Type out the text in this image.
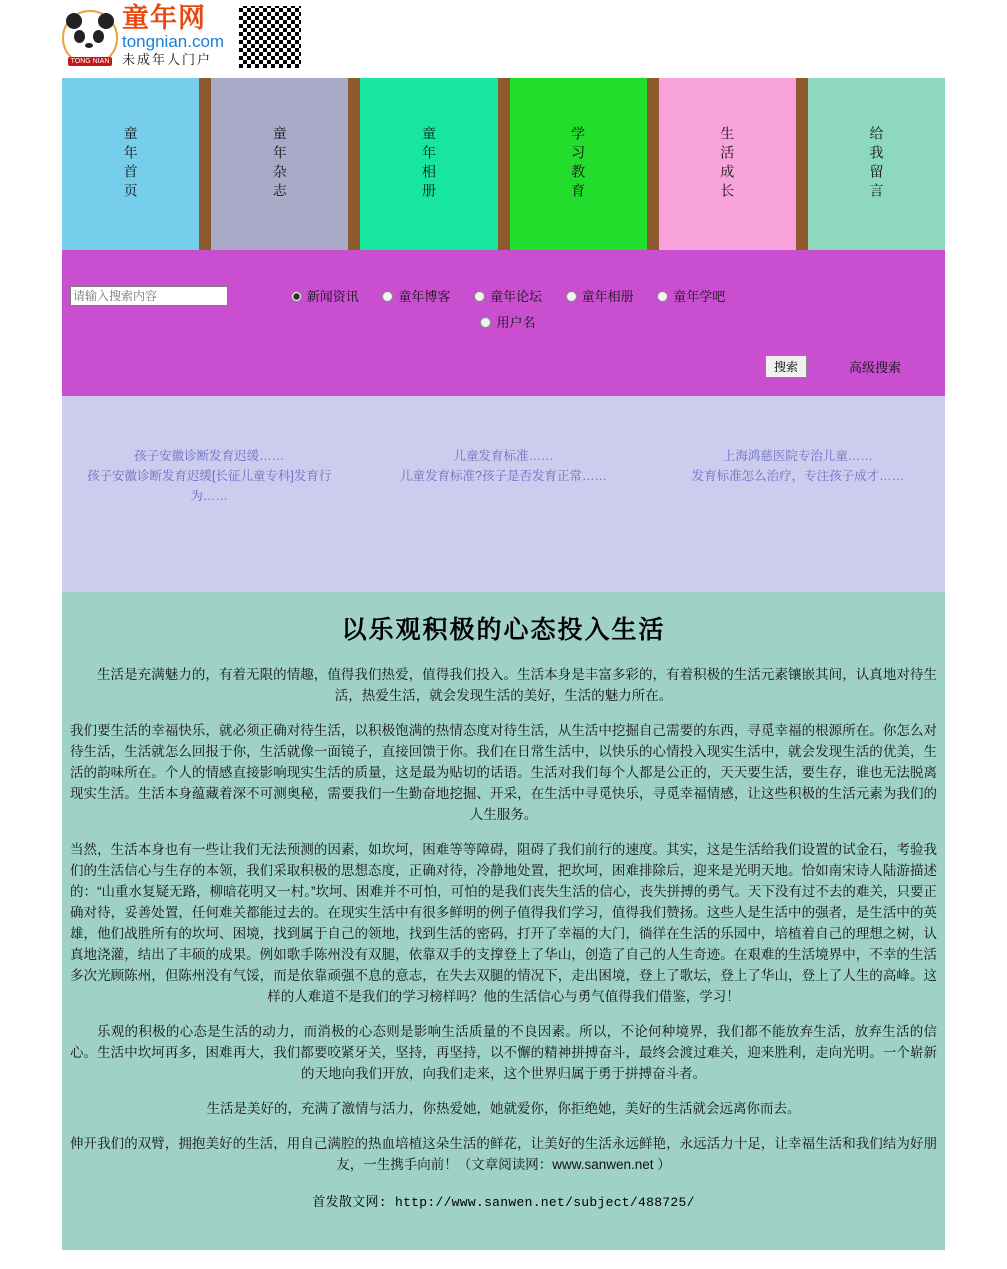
TONG NIAN
童年网
tongnian.com
未成年人门户
童年首页	童年杂志	童年相册	学习教育	生活成长	给我留言
请输入搜索内容
新闻资讯	童年博客	童年论坛	童年相册	童年学吧 用户名
搜索	高级搜索
孩子安徽诊断发育迟缓……
孩子安徽诊断发育迟缓[长征儿童专科]发育行为……
儿童发育标准……
儿童发育标准?孩子是否发育正常……
上海鸿慈医院专治儿童……
发育标准怎么治疗，专注孩子成才……
以乐观积极的心态投入生活

生活是充满魅力的，有着无限的情趣，值得我们热爱，值得我们投入。生活本身是丰富多彩的，有着积极的生活元素镶嵌其间，认真地对待生活，热爱生活，就会发现生活的美好，生活的魅力所在。

我们要生活的幸福快乐，就必须正确对待生活，以积极饱满的热情态度对待生活，从生活中挖掘自己需要的东西，寻觅幸福的根源所在。你怎么对待生活，生活就怎么回报于你，生活就像一面镜子，直接回馈于你。我们在日常生活中，以快乐的心情投入现实生活中，就会发现生活的优美，生活的韵味所在。个人的情感直接影响现实生活的质量，这是最为贴切的话语。生活对我们每个人都是公正的，天天要生活，要生存，谁也无法脱离现实生活。生活本身蕴藏着深不可测奥秘，需要我们一生勤奋地挖掘、开采，在生活中寻觅快乐，寻觅幸福情感，让这些积极的生活元素为我们的人生服务。

当然，生活本身也有一些让我们无法预测的因素，如坎坷，困难等等障碍，阻碍了我们前行的速度。其实，这是生活给我们设置的试金石，考验我们的生活信心与生存的本领，我们采取积极的思想态度，正确对待，冷静地处置，把坎坷，困难排除后，迎来是光明天地。恰如南宋诗人陆游描述的：“山重水复疑无路，柳暗花明又一村。”坎坷、困难并不可怕，可怕的是我们丧失生活的信心，丧失拼搏的勇气。天下没有过不去的难关，只要正确对待，妥善处置，任何难关都能过去的。在现实生活中有很多鲜明的例子值得我们学习，值得我们赞扬。这些人是生活中的强者，是生活中的英雄，他们战胜所有的坎坷、困境，找到属于自己的领地，找到生活的密码，打开了幸福的大门，徜徉在生活的乐园中，培植着自己的理想之树，认真地浇灌，结出了丰硕的成果。例如歌手陈州没有双腿，依靠双手的支撑登上了华山，创造了自己的人生奇迹。在艰难的生活境界中，不幸的生活多次光顾陈州，但陈州没有气馁，而是依靠顽强不息的意志，在失去双腿的情况下，走出困境，登上了歌坛，登上了华山，登上了人生的高峰。这样的人难道不是我们的学习榜样吗？他的生活信心与勇气值得我们借鉴，学习！

乐观的积极的心态是生活的动力，而消极的心态则是影响生活质量的不良因素。所以，不论何种境界，我们都不能放弃生活，放弃生活的信心。生活中坎坷再多，困难再大，我们都要咬紧牙关，坚持，再坚持，以不懈的精神拼搏奋斗，最终会渡过难关，迎来胜利，走向光明。一个崭新的天地向我们开放，向我们走来，这个世界归属于勇于拼搏奋斗者。

生活是美好的，充满了激情与活力，你热爱她，她就爱你，你拒绝她，美好的生活就会远离你而去。

伸开我们的双臂，拥抱美好的生活，用自己满腔的热血培植这朵生活的鲜花，让美好的生活永远鲜艳，永远活力十足，让幸福生活和我们结为好朋友，一生携手向前！（文章阅读网：www.sanwen.net ）

首发散文网: http://www.sanwen.net/subject/488725/
